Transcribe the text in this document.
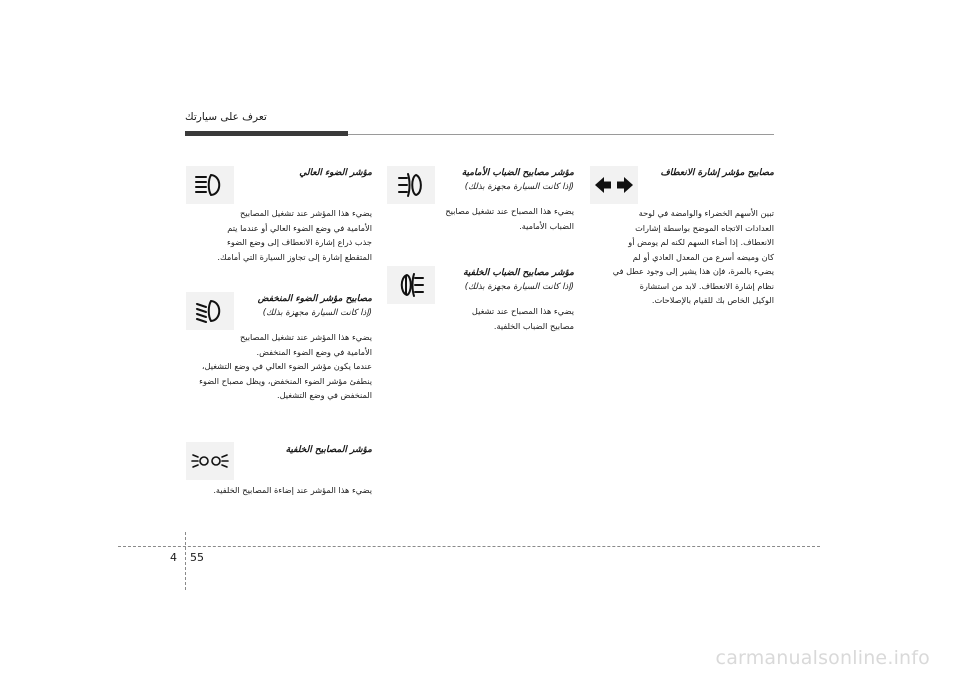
تعرف على سيارتك
مصابيح مؤشر إشارة الانعطاف
تبين الأسهم الخضراء والوامضة في لوحة
العدادات الاتجاه الموضح بواسطة إشارات
الانعطاف. إذا أضاء السهم لكنه لم يومض أو
كان وميضه أسرع من المعدل العادي أو لم
يضيء بالمرة، فإن هذا يشير إلى وجود عطل في
نظام إشارة الانعطاف. لابد من استشارة
الوكيل الخاص بك للقيام بالإصلاحات.
مؤشر مصابيح الضباب الأمامية
(إذا كانت السيارة مجهزة بذلك)
يضيء هذا المصباح عند تشغيل مصابيح
الضباب الأمامية.
مؤشر مصابيح الضباب الخلفية
(إذا كانت السيارة مجهزة بذلك)
يضيء هذا المصباح عند تشغيل
مصابيح الضباب الخلفية.
مؤشر الضوء العالي
يضيء هذا المؤشر عند تشغيل المصابيح
الأمامية في وضع الضوء العالي أو عندما يتم
جذب ذراع إشارة الانعطاف إلى وضع الضوء
المتقطع إشارة إلى تجاوز السيارة التي أمامك.
مصابيح مؤشر الضوء المنخفض
(إذا كانت السيارة مجهزة بذلك)
يضيء هذا المؤشر عند تشغيل المصابيح
الأمامية في وضع الضوء المنخفض.
عندما يكون مؤشر الضوء العالي في وضع التشغيل،
ينطفئ مؤشر الضوء المنخفض، ويظل مصباح الضوء
المنخفض في وضع التشغيل.
مؤشر المصابيح الخلفية
يضيء هذا المؤشر عند إضاءة المصابيح الخلفية.
4 55
carmanualsonline.info
